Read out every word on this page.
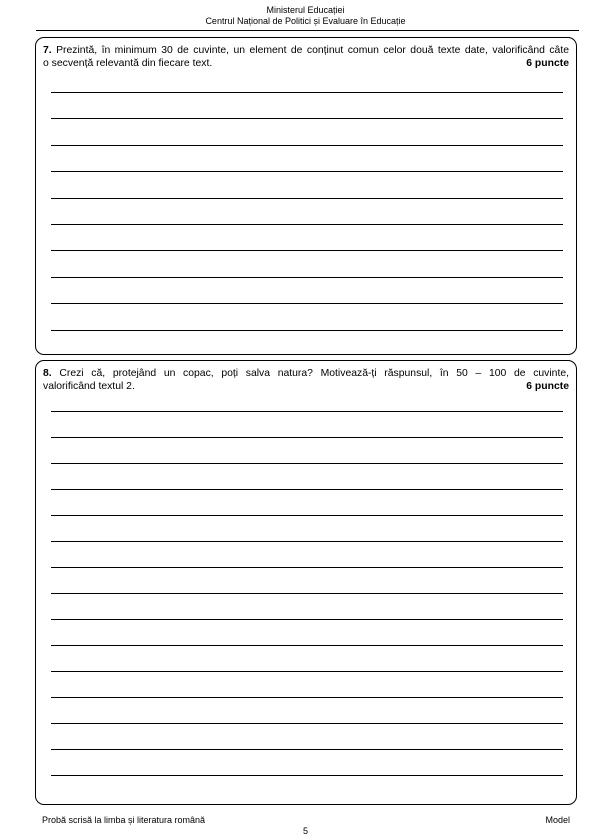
Ministerul Educației
Centrul Național de Politici și Evaluare în Educație
7. Prezintă, în minimum 30 de cuvinte, un element de conținut comun celor două texte date, valorificând câte
o secvență relevantă din fiecare text.	6 puncte
8. Crezi că, protejând un copac, poți salva natura? Motivează-ți răspunsul, în 50 – 100 de cuvinte,
valorificând textul 2.	6 puncte
Probă scrisă la limba și literatura română	Model
5
